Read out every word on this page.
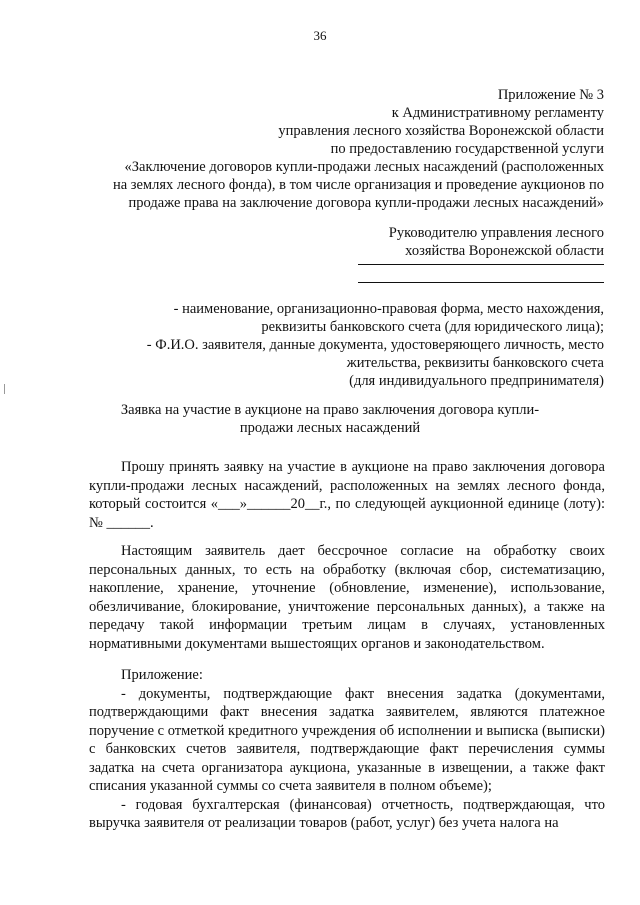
36
Приложение № 3
к Административному регламенту
управления лесного хозяйства Воронежской области
по предоставлению государственной услуги
«Заключение договоров купли-продажи лесных насаждений (расположенных
на землях лесного фонда), в том числе организация и проведение аукционов по
продаже права на заключение договора купли-продажи лесных насаждений»
Руководителю управления лесного
хозяйства Воронежской области
- наименование, организационно-правовая форма, место нахождения,
реквизиты банковского счета (для юридического лица);
- Ф.И.О. заявителя, данные документа, удостоверяющего личность, место
жительства, реквизиты банковского счета
(для индивидуального предпринимателя)
Заявка на участие в аукционе на право заключения договора купли-
продажи лесных насаждений

Прошу принять заявку на участие в аукционе на право заключения договора купли-продажи лесных насаждений, расположенных на землях лесного фонда, который состоится «___»______20__г., по следующей аукционной единице (лоту): № ______.

Настоящим заявитель дает бессрочное согласие на обработку своих персональных данных, то есть на обработку (включая сбор, систематизацию, накопление, хранение, уточнение (обновление, изменение), использование, обезличивание, блокирование, уничтожение персональных данных), а также на передачу такой информации третьим лицам в случаях, установленных нормативными документами вышестоящих органов и законодательством.

Приложение:

- документы, подтверждающие факт внесения задатка (документами, подтверждающими факт внесения задатка заявителем, являются платежное поручение с отметкой кредитного учреждения об исполнении и выписка (выписки) с банковских счетов заявителя, подтверждающие факт перечисления суммы задатка на счета организатора аукциона, указанные в извещении, а также факт списания указанной суммы со счета заявителя в полном объеме);

- годовая бухгалтерская (финансовая) отчетность, подтверждающая, что выручка заявителя от реализации товаров (работ, услуг) без учета налога на
